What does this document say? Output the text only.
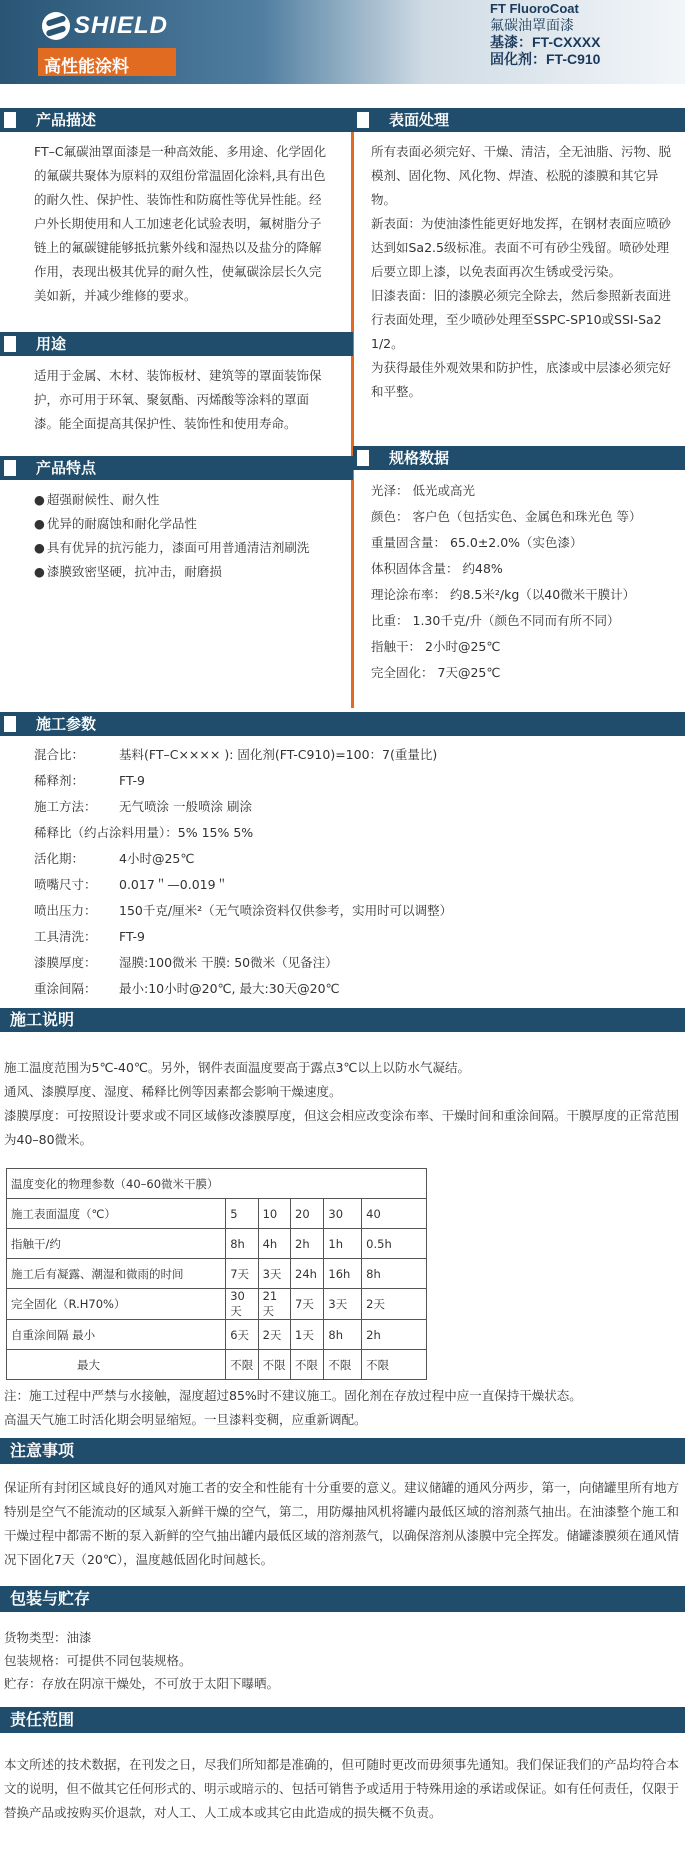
SHIELD
高性能涂料
FT FluoroCoat
氟碳油罩面漆
基漆：FT-CXXXX
固化剂：FT-C910
产品描述

FT–C氟碳油罩面漆是一种高效能、多用途、化学固化的氟碳共聚体为原料的双组份常温固化涂料,具有出色的耐久性、保护性、装饰性和防腐性等优异性能。经户外长期使用和人工加速老化试验表明，氟树脂分子链上的氟碳键能够抵抗紫外线和湿热以及盐分的降解作用，表现出极其优异的耐久性，使氟碳涂层长久完美如新，并减少维修的要求。

用途

适用于金属、木材、装饰板材、建筑等的罩面装饰保护，亦可用于环氧、聚氨酯、丙烯酸等涂料的罩面漆。能全面提高其保护性、装饰性和使用寿命。

产品特点

● 超强耐候性、耐久性

● 优异的耐腐蚀和耐化学品性

● 具有优异的抗污能力，漆面可用普通清洁剂刷洗

● 漆膜致密坚硬，抗冲击，耐磨损

表面处理

所有表面必须完好、干燥、清洁，全无油脂、污物、脱模剂、固化物、风化物、焊渣、松脱的漆膜和其它异物。

新表面：为使油漆性能更好地发挥，在钢材表面应喷砂达到如Sa2.5级标准。表面不可有砂尘残留。喷砂处理后要立即上漆，以免表面再次生锈或受污染。

旧漆表面：旧的漆膜必须完全除去，然后参照新表面进行表面处理，至少喷砂处理至SSPC-SP10或SSI-Sa2 1/2。

为获得最佳外观效果和防护性，底漆或中层漆必须完好和平整。

规格数据
光泽： 低光或高光
颜色： 客户色（包括实色、金属色和珠光色 等）
重量固含量： 65.0±2.0%（实色漆）
体积固体含量： 约48%
理论涂布率： 约8.5米²/kg（以40微米干膜计）
比重： 1.30千克/升（颜色不同而有所不同）
指触干： 2小时@25℃
完全固化： 7天@25℃
施工参数
混合比：	基料(FT–C×××× ): 固化剂(FT-C910)=100：7(重量比)
稀释剂：	FT-9
施工方法：	无气喷涂 一般喷涂 刷涂
稀释比（约占涂料用量）： 5% 15% 5%
活化期：	4小时@25℃
喷嘴尺寸：	0.017＂—0.019＂
喷出压力：	150千克/厘米²（无气喷涂资料仅供参考，实用时可以调整）
工具清洗：	FT-9
漆膜厚度：	湿膜:100微米 干膜: 50微米（见备注）
重涂间隔：	最小:10小时@20℃, 最大:30天@20℃
施工说明

施工温度范围为5℃-40℃。另外，钢件表面温度要高于露点3℃以上以防水气凝结。

通风、漆膜厚度、湿度、稀释比例等因素都会影响干燥速度。

漆膜厚度：可按照设计要求或不同区域修改漆膜厚度，但这会相应改变涂布率、干燥时间和重涂间隔。干膜厚度的正常范围为40–80微米。

温度变化的物理参数（40–60微米干膜）					
施工表面温度（℃）	5	10	20	30	40
指触干/约	8h	4h	2h	1h	0.5h
施工后有凝露、潮湿和微雨的时间	7天	3天	24h	16h	8h
完全固化（R.H70%）	30天	21天	7天	3天	2天
自重涂间隔 最小	6天	2天	1天	8h	2h
最大	不限	不限	不限	不限	不限

注：施工过程中严禁与水接触，湿度超过85%时不建议施工。固化剂在存放过程中应一直保持干燥状态。

高温天气施工时活化期会明显缩短。一旦漆料变稠，应重新调配。

注意事项

保证所有封闭区域良好的通风对施工者的安全和性能有十分重要的意义。建议储罐的通风分两步，第一，向储罐里所有地方特别是空气不能流动的区域泵入新鲜干燥的空气，第二，用防爆抽风机将罐内最低区域的溶剂蒸气抽出。在油漆整个施工和干燥过程中都需不断的泵入新鲜的空气抽出罐内最低区域的溶剂蒸气，以确保溶剂从漆膜中完全挥发。储罐漆膜须在通风情况下固化7天（20℃），温度越低固化时间越长。

包装与贮存

货物类型：油漆

包装规格：可提供不同包装规格。

贮存：存放在阴凉干燥处，不可放于太阳下曝晒。

责任范围

本文所述的技术数据，在刊发之日，尽我们所知都是准确的，但可随时更改而毋须事先通知。我们保证我们的产品均符合本文的说明，但不做其它任何形式的、明示或暗示的、包括可销售予或适用于特殊用途的承诺或保证。如有任何责任，仅限于替换产品或按购买价退款，对人工、人工成本或其它由此造成的损失概不负责。
